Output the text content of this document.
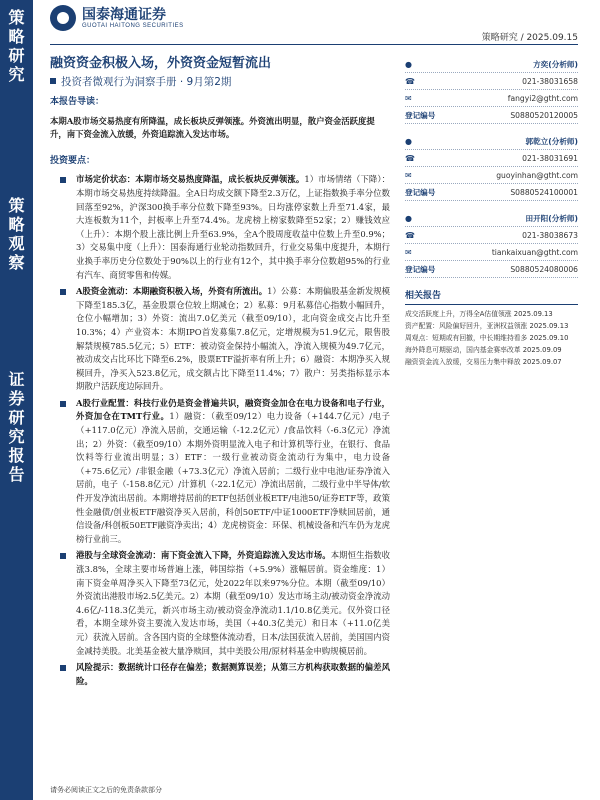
策
略
研
究
策
略
观
察
证
券
研
究
报
告
国泰海通证券
GUOTAI HAITONG SECURITIES
策略研究 / 2025.09.15
融资资金积极入场，外资资金短暂流出
投资者微观行为洞察手册 · 9月第2期
本报告导读：
本期A股市场交易热度有所降温，成长板块反弹领涨。外资流出明显，散户资金活跃度提升，南下资金流入放缓，外资追踪流入发达市场。
投资要点：
市场定价状态：本期市场交易热度降温，成长板块反弹领涨。1）市场情绪（下降）：本期市场交易热度持续降温。全A日均成交额下降至2.3万亿，上证指数换手率分位数回落至92%，沪深300换手率分位数下降至93%。日均涨停家数上升至71.4家，最大连板数为11个，封板率上升至74.4%。龙虎榜上榜家数降至52家；2）赚钱效应（上升）：本期个股上涨比例上升至63.9%，全A个股周度收益中位数上升至0.9%；3）交易集中度（上升）：国泰海通行业轮动指数回升，行业交易集中度提升，本期行业换手率历史分位数处于90%以上的行业有12个，其中换手率分位数超95%的行业有汽车、商贸零售和传媒。
A股资金流动：本期融资积极入场，外资有所流出。1）公募：本期偏股基金新发规模下降至185.3亿，基金股票仓位较上期减仓；2）私募：9月私募信心指数小幅回升，仓位小幅增加；3）外资：流出7.0亿美元（截至09/10），北向资金成交占比升至10.3%；4）产业资本：本期IPO首发募集7.8亿元，定增规模为51.9亿元，限售股解禁规模785.5亿元；5）ETF：被动资金保持小幅流入，净流入规模为49.7亿元，被动成交占比环比下降至6.2%，股票ETF溢折率有所上升；6）融资：本期净买入规模回升，净买入523.8亿元，成交额占比下降至11.4%；7）散户：另类指标显示本期散户活跃度边际回升。
A股行业配置：科技行业仍是资金普遍共识，融资资金加仓在电力设备和电子行业，外资加仓在TMT行业。1）融资：（截至09/12）电力设备（+144.7亿元）/电子（+117.0亿元）净流入居前，交通运输（-12.2亿元）/食品饮料（-6.3亿元）净流出；2）外资：（截至09/10）本期外资明显流入电子和计算机等行业，在银行、食品饮料等行业流出明显；3）ETF：一级行业被动资金流动行为集中，电力设备（+75.6亿元）/非银金融（+73.3亿元）净流入居前；二级行业中电池/证券净流入居前，电子（-158.8亿元）/计算机（-22.1亿元）净流出居前，二级行业中半导体/软件开发净流出居前。本期增持居前的ETF包括创业板ETF/电池50/证券ETF等，政策性金融债/创业板ETF融资净买入居前，科创50ETF/中证1000ETF净赎回居前，通信设备/科创板50ETF融资净卖出；4）龙虎榜资金：环保、机械设备和汽车仍为龙虎榜行业前三。
港股与全球资金流动：南下资金流入下降，外资追踪流入发达市场。本期恒生指数收涨3.8%，全球主要市场普遍上涨，韩国综指（+5.9%）涨幅居前。资金维度：1）南下资金单周净买入下降至73亿元，处2022年以来97%分位。本期（截至09/10）外资流出港股市场2.5亿美元。2）本期（截至09/10）发达市场主动/被动资金净流动4.6亿/-118.3亿美元，新兴市场主动/被动资金净流动1.1/10.8亿美元。仅外资口径看，本期全球外资主要流入发达市场，美国（+40.3亿美元）和日本（+11.0亿美元）获流入居前。含各国内资的全球整体流动看，日本/法国获流入居前，美国国内资金减持美股。北美基金被大量净赎回，其中美股公用/原材料基金申购规模居前。
风险提示：数据统计口径存在偏差；数据测算误差；从第三方机构获取数据的偏差风险。
●	方奕(分析师)
☎	021-38031658
✉	fangyi2@gtht.com
登记编号	S0880520120005
●	郭乾立(分析师)
☎	021-38031691
✉	guoyinhan@gtht.com
登记编号	S0880524100001
●	田开阳(分析师)
☎	021-38038673
✉	tiankaixuan@gtht.com
登记编号	S0880524080006
相关报告
成交活跃度上升，万得全A估值领涨 2025.09.13
资产配置：风险偏好回升，亚洲权益领涨 2025.09.13
周观点：短期或有回撤，中长期维持看多 2025.09.10
海外降息可期驱动，国内基金赛率改革 2025.09.09
融资资金流入放缓，交易压力集中释放 2025.09.07
请务必阅读正文之后的免责条款部分
